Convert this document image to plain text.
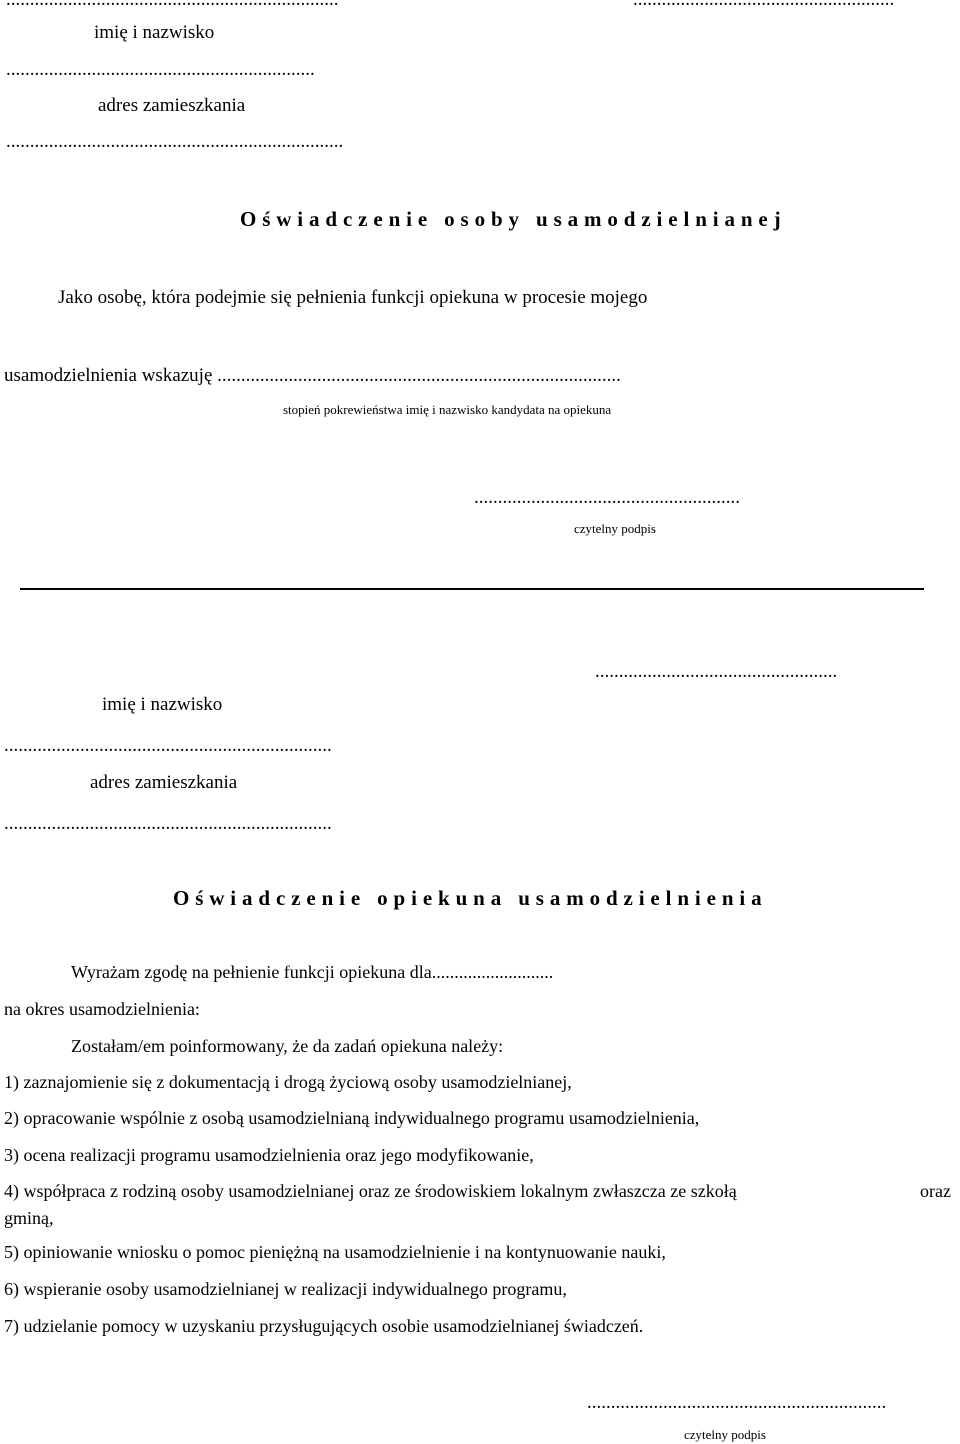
imię i nazwisko
.................................................................
adres zamieszkania
.......................................................................
Oświadczenie osoby usamodzielnianej
Jako osobę, która podejmie się pełnienia funkcji opiekuna w procesie mojego
usamodzielnienia wskazuję .....................................................................................
stopień pokrewieństwa imię i nazwisko kandydata na opiekuna
........................................................
czytelny podpis
...................................................
imię i nazwisko
.....................................................................
adres zamieszkania
.....................................................................
Oświadczenie opiekuna usamodzielnienia
Wyrażam zgodę na pełnienie funkcji opiekuna dla...........................
na okres usamodzielnienia:
Zostałam/em poinformowany, że da zadań opiekuna należy:
1) zaznajomienie się z dokumentacją i drogą życiową osoby usamodzielnianej,
2) opracowanie wspólnie z osobą usamodzielnianą indywidualnego programu usamodzielnienia,
3) ocena realizacji programu usamodzielnienia oraz jego modyfikowanie,
4) współpraca z rodziną osoby usamodzielnianej oraz ze środowiskiem lokalnym zwłaszcza ze szkołą	oraz
gminą,
5) opiniowanie wniosku o pomoc pieniężną na usamodzielnienie i na kontynuowanie nauki,
6) wspieranie osoby usamodzielnianej w realizacji indywidualnego programu,
7) udzielanie pomocy w uzyskaniu przysługujących osobie usamodzielnianej świadczeń.
...............................................................
czytelny podpis
